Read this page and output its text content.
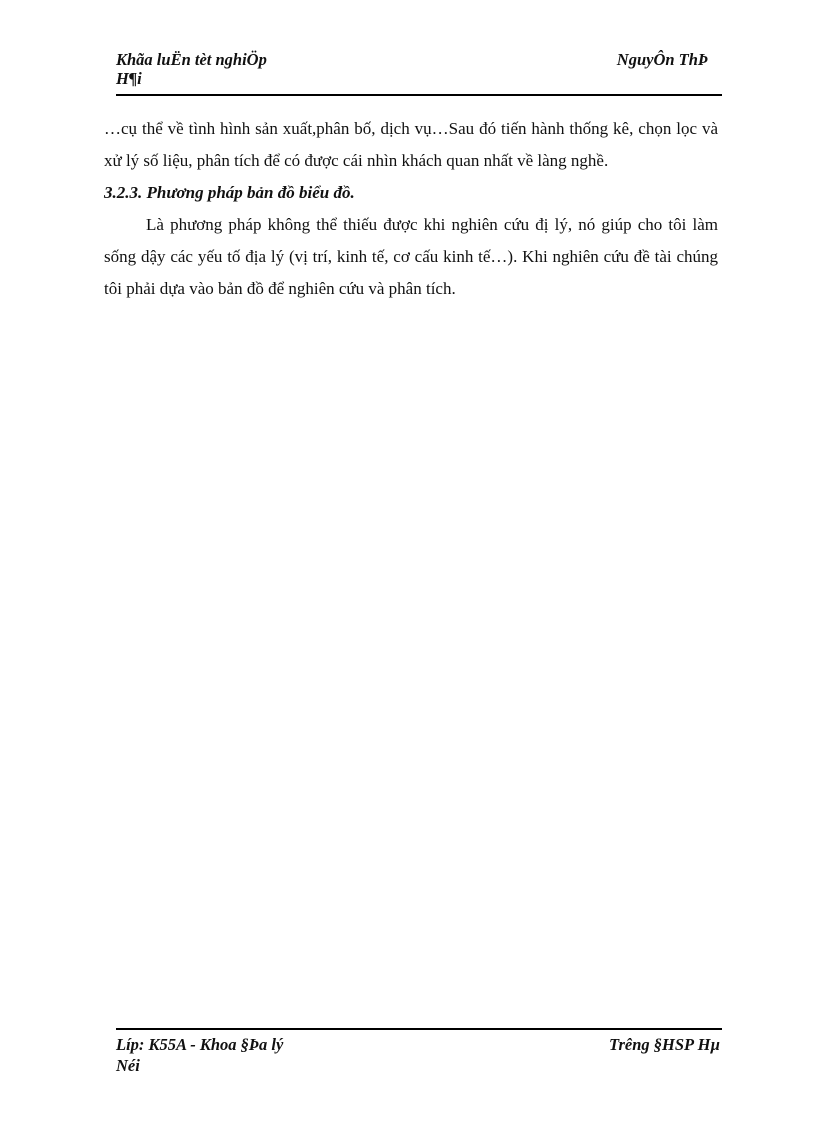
Khãa luËn tèt nghiÖp
H¶i
NguyÔn ThÞ

…cụ thể về tình hình sản xuất,phân bố, dịch vụ…Sau đó tiến hành thống kê, chọn lọc và xử lý số liệu, phân tích để có được cái nhìn khách quan nhất về làng nghề.

3.2.3. Phương pháp bản đồ biểu đồ.

Là phương pháp không thể thiếu được khi nghiên cứu đị lý, nó giúp cho tôi làm sống dậy các yếu tố địa lý (vị trí, kinh tế, cơ cấu kinh tế…). Khi nghiên cứu đề tài chúng tôi phải dựa vào bản đồ để nghiên cứu và phân tích.

Líp: K55A - Khoa §Þa lý
Néi
Trêng §HSP Hµ
